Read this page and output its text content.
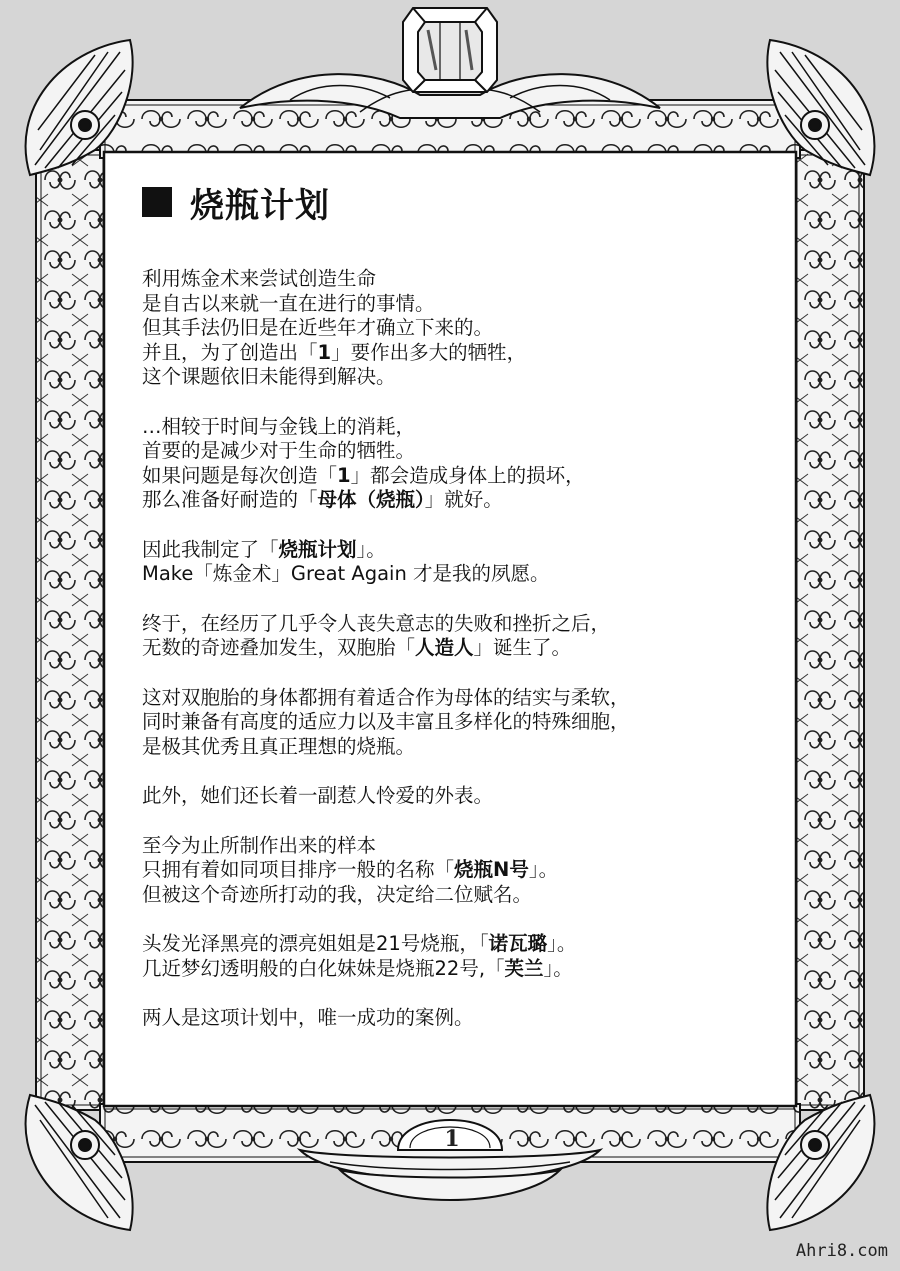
烧瓶计划
利用炼金术来尝试创造生命
是自古以来就一直在进行的事情。
但其手法仍旧是在近些年才确立下来的。
并且，为了创造出「1」要作出多大的牺牲，
这个课题依旧未能得到解决。
…相较于时间与金钱上的消耗，
首要的是减少对于生命的牺牲。
如果问题是每次创造「1」都会造成身体上的损坏，
那么准备好耐造的「母体（烧瓶）」就好。
因此我制定了「烧瓶计划」。
Make「炼金术」Great Again 才是我的夙愿。
终于，在经历了几乎令人丧失意志的失败和挫折之后，
无数的奇迹叠加发生，双胞胎「人造人」诞生了。
这对双胞胎的身体都拥有着适合作为母体的结实与柔软，
同时兼备有高度的适应力以及丰富且多样化的特殊细胞，
是极其优秀且真正理想的烧瓶。
此外，她们还长着一副惹人怜爱的外表。
至今为止所制作出来的样本
只拥有着如同项目排序一般的名称「烧瓶N号」。
但被这个奇迹所打动的我，决定给二位赋名。
头发光泽黑亮的漂亮姐姐是21号烧瓶，「诺瓦璐」。
几近梦幻透明般的白化妹妹是烧瓶22号,「芙兰」。
两人是这项计划中，唯一成功的案例。
1
Ahri8.com
